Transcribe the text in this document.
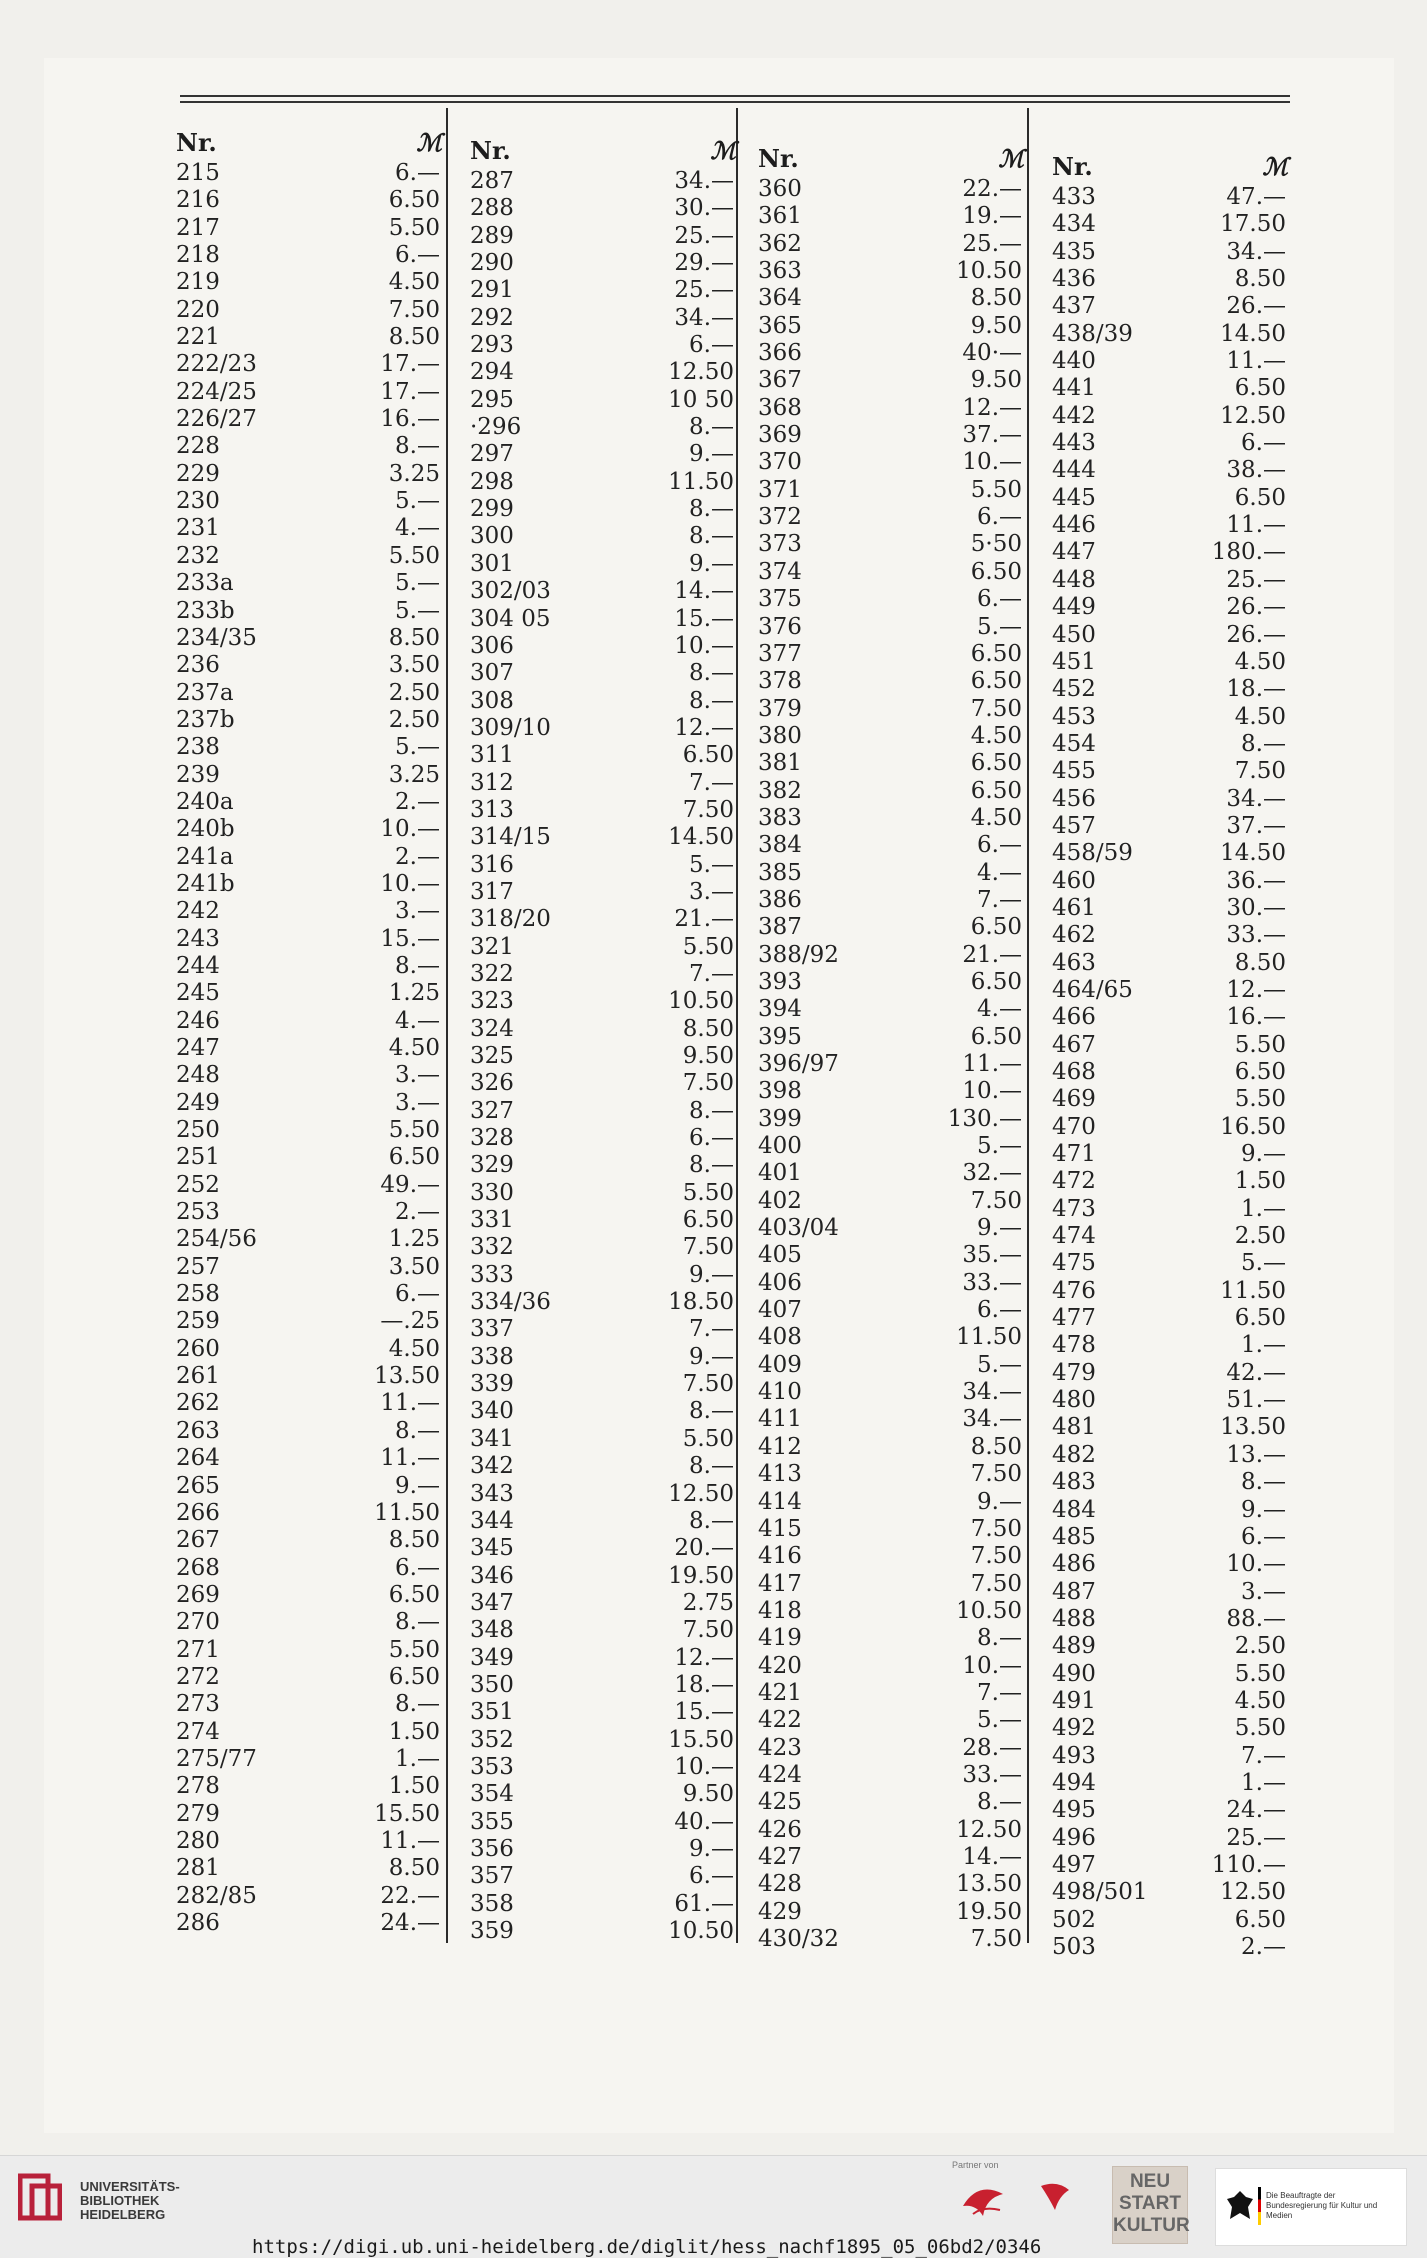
Nr.	ℳ
215	6.—
216	6.50
217	5.50
218	6.—
219	4.50
220	7.50
221	8.50
222/23	17.—
224/25	17.—
226/27	16.—
228	8.—
229	3.25
230	5.—
231	4.—
232	5.50
233a	5.—
233b	5.—
234/35	8.50
236	3.50
237a	2.50
237b	2.50
238	5.—
239	3.25
240a	2.—
240b	10.—
241a	2.—
241b	10.—
242	3.—
243	15.—
244	8.—
245	1.25
246	4.—
247	4.50
248	3.—
249	3.—
250	5.50
251	6.50
252	49.—
253	2.—
254/56	1.25
257	3.50
258	6.—
259	—.25
260	4.50
261	13.50
262	11.—
263	8.—
264	11.—
265	9.—
266	11.50
267	8.50
268	6.—
269	6.50
270	8.—
271	5.50
272	6.50
273	8.—
274	1.50
275/77	1.—
278	1.50
279	15.50
280	11.—
281	8.50
282/85	22.—
286	24.—
Nr.	ℳ
287	34.—
288	30.—
289	25.—
290	29.—
291	25.—
292	34.—
293	6.—
294	12.50
295	10 50
·296	8.—
297	9.—
298	11.50
299	8.—
300	8.—
301	9.—
302/03	14.—
304 05	15.—
306	10.—
307	8.—
308	8.—
309/10	12.—
311	6.50
312	7.—
313	7.50
314/15	14.50
316	5.—
317	3.—
318/20	21.—
321	5.50
322	7.—
323	10.50
324	8.50
325	9.50
326	7.50
327	8.—
328	6.—
329	8.—
330	5.50
331	6.50
332	7.50
333	9.—
334/36	18.50
337	7.—
338	9.—
339	7.50
340	8.—
341	5.50
342	8.—
343	12.50
344	8.—
345	20.—
346	19.50
347	2.75
348	7.50
349	12.—
350	18.—
351	15.—
352	15.50
353	10.—
354	9.50
355	40.—
356	9.—
357	6.—
358	61.—
359	10.50
Nr.	ℳ
360	22.—
361	19.—
362	25.—
363	10.50
364	8.50
365	9.50
366	40·—
367	9.50
368	12.—
369	37.—
370	10.—
371	5.50
372	6.—
373	5·50
374	6.50
375	6.—
376	5.—
377	6.50
378	6.50
379	7.50
380	4.50
381	6.50
382	6.50
383	4.50
384	6.—
385	4.—
386	7.—
387	6.50
388/92	21.—
393	6.50
394	4.—
395	6.50
396/97	11.—
398	10.—
399	130.—
400	5.—
401	32.—
402	7.50
403/04	9.—
405	35.—
406	33.—
407	6.—
408	11.50
409	5.—
410	34.—
411	34.—
412	8.50
413	7.50
414	9.—
415	7.50
416	7.50
417	7.50
418	10.50
419	8.—
420	10.—
421	7.—
422	5.—
423	28.—
424	33.—
425	8.—
426	12.50
427	14.—
428	13.50
429	19.50
430/32	7.50
Nr.	ℳ
433	47.—
434	17.50
435	34.—
436	8.50
437	26.—
438/39	14.50
440	11.—
441	6.50
442	12.50
443	6.—
444	38.—
445	6.50
446	11.—
447	180.—
448	25.—
449	26.—
450	26.—
451	4.50
452	18.—
453	4.50
454	8.—
455	7.50
456	34.—
457	37.—
458/59	14.50
460	36.—
461	30.—
462	33.—
463	8.50
464/65	12.—
466	16.—
467	5.50
468	6.50
469	5.50
470	16.50
471	9.—
472	1.50
473	1.—
474	2.50
475	5.—
476	11.50
477	6.50
478	1.—
479	42.—
480	51.—
481	13.50
482	13.—
483	8.—
484	9.—
485	6.—
486	10.—
487	3.—
488	88.—
489	2.50
490	5.50
491	4.50
492	5.50
493	7.—
494	1.—
495	24.—
496	25.—
497	110.—
498/501	12.50
502	6.50
503	2.—
UNIVERSITÄTS-
BIBLIOTHEK
HEIDELBERG
Partner von
NEU
START
KULTUR
Die Beauftragte der Bundesregierung für Kultur und Medien
https://digi.ub.uni-heidelberg.de/diglit/hess_nachf1895_05_06bd2/0346
